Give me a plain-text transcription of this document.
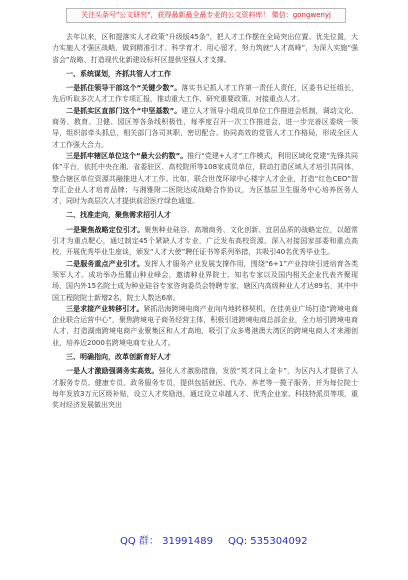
关注头条号"公文研究"，获得最新最全最专业的公文资料库！ 微信：gongwenyj

去年以来，区和提落实人才政策“升级版45条”，把人才工作摆在全局突出位置、优先位置，大力实施人才强区战略，做到精准引才、科学育才、用心留才，努力筑就“人才高峰”，为深入实施“强省会”战略、打造现代化新建设标杆区提供坚强人才支撑。

一、系统谋划，齐抓共管人才工作

一是抓住领导干部这个“关键少数”。落实书记抓人才工作第一责任人责任，区委书记任组长，先后听取多次人才工作专项汇报，推动重大工作、研究重要政策、对接重点人才。

二是抓实区直部门这个“中坚基数”。建立人才领导小组成员单位工作推进会机制，调动文化、商务、教育、卫健、园区等各条线积极性，每季度召开一次工作推进会，进一步完善区委统一领导，组织部牵头抓总，相关部门各司其职、密切配合、协同高效的党管人才工作格局，形成全区人才工作强大合力。

三是抓牢辖区单位这个“最大公约数”。推行“党建+人才”工作模式，利用区域化党建“先锋共同体”平台，依托中央在湘、省委驻区、高校院所等108家成员单位，联动打造区域人才培引共同体，整合辖区单位资源共融推进人才工作。比如，联合世茂环球中心楼宇人才企业，打造“红色CEO”智享汇企业人才培育品牌；与湘雅附二医院达成战略合作协议，为区基层卫生服务中心培养医务人才，同时为高层次人才提供前沿医疗绿色通道。

二、找准走向，聚焦需求招引人才

一是聚焦战略定位引才。聚焦种业硅谷、高端商务、文化创新、宜居品质的战略定位，以超常引才为重点靶心，通过制定45个紧缺人才专业，广泛发布高校资源、深入对接国家部委和重点高校，开展优秀毕业生座谈，颁发“人才大使”聘任证书等系列举措，共吸引40名优秀毕业生。

二是服务重点产业引才。发挥人才服务产业发展支撑作用，围绕“6+1”产业持续引进培育各类领军人才。成功举办岳麓山种业峰会，邀请种业界院士、知名专家以及国内相关企业代表齐聚现场，国内外15名院士成为种业硅谷专家咨询委员会特聘专家，辖区内高级种业人才达89名，其中中国工程院院士新增2名，院士人数达6席。

三是求接产业转移引才。紧抓沿海跨境电商产业向内地转移契机，在佳美业广场打造“跨境电商企业联合运营中心”，聚焦跨境电子商务经营主体，积极引进跨境电商总部企业，全力培引跨境电商人才，打造湖南跨境电商产业聚集区和人才高地，吸引了众多粤港澳大湾区的跨境电商人才来湘创业，培养近2000名跨境电商专业人才。

三、明确指向，改革创新育好人才

一是人才激励强调务实高效。强化人才激励措施，发放“英才同上金卡”，为区内人才提供了人才服务专员、健康专员、政务服务专员，提供包括就医、代办、养老等一揽子服务，并为每位院士每年发放3万元区级补贴，设立人才奖励池，通过设立卓越人才、优秀企业家、科技特派员等项，重奖对经济发展做出突出

QQ 群： 31991489 QQ: 535304092
